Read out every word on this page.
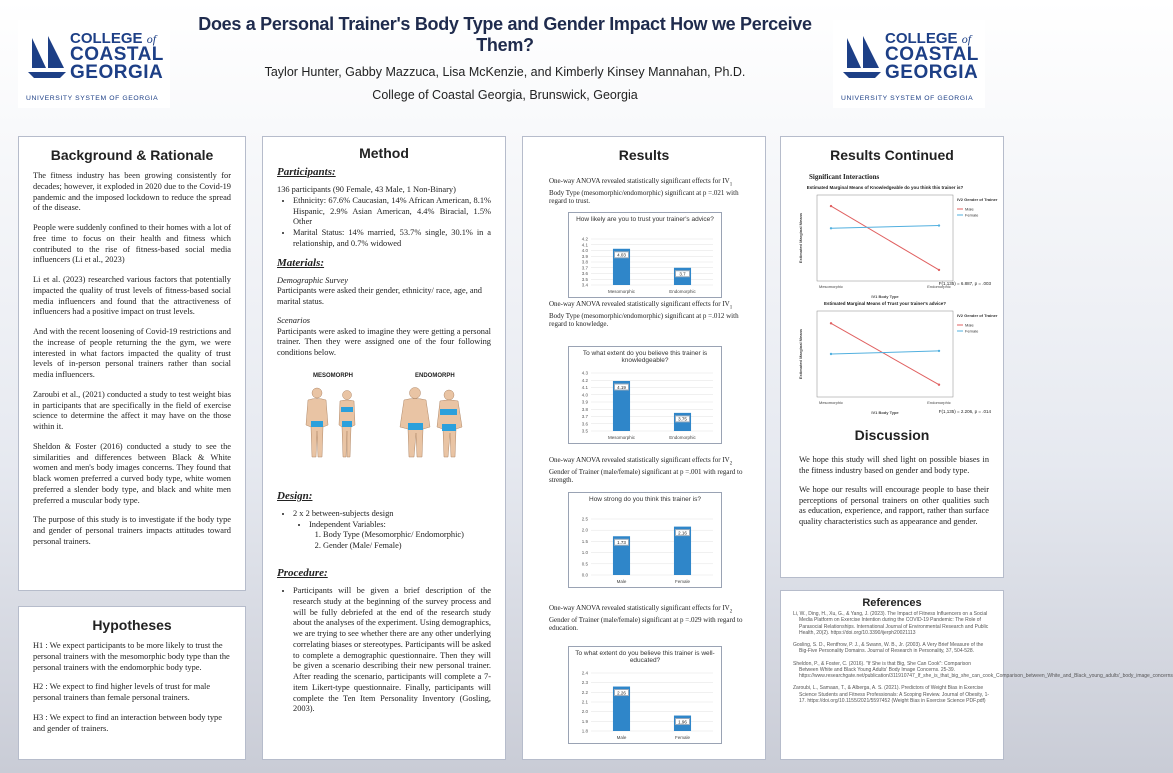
COLLEGE of
COASTAL
GEORGIA
UNIVERSITY SYSTEM OF GEORGIA
COLLEGE of
COASTAL
GEORGIA
UNIVERSITY SYSTEM OF GEORGIA
Does a Personal Trainer's Body Type and Gender Impact How we Perceive Them?
Taylor Hunter, Gabby Mazzuca, Lisa McKenzie, and Kimberly Kinsey Mannahan, Ph.D.
College of Coastal Georgia, Brunswick, Georgia
Background & Rationale

The fitness industry has been growing consistently for decades; however, it exploded in 2020 due to the Covid-19 pandemic and the imposed lockdown to reduce the spread of the disease.

People were suddenly confined to their homes with a lot of free time to focus on their health and fitness which contributed to the rise of fitness-based social media influencers (Li et al., 2023)

Li et al. (2023) researched various factors that potentially impacted the quality of trust levels of fitness-based social media influencers and found that the attractiveness of influencers had a positive impact on trust levels.

And with the recent loosening of Covid-19 restrictions and the increase of people returning the the gym, we were interested in what factors impacted the quality of trust levels of in-person personal trainers rather than social media influencers.

Zaroubi et al., (2021) conducted a study to test weight bias in participants that are specifically in the field of exercise science to determine the affect it may have on the those within it.

Sheldon & Foster (2016) conducted a study to see the similarities and differences between Black & White women and men's body images concerns. They found that black women preferred a curved body type, white women preferred a slender body type, and black and white men preferred a muscular body type.

The purpose of this study is to investigate if the body type and gender of personal trainers impacts attitudes toward personal trainers.

Hypotheses

H1 : We expect participants to be more likely to trust the personal trainers with the mesomorphic body type than the personal trainers with the endomorphic body type.

H2 : We expect to find higher levels of trust for male personal trainers than female personal trainers.

H3 : We expect to find an interaction between body type and gender of trainers.

Method
Participants:
136 participants (90 Female, 43 Male, 1 Non-Binary)
• Ethnicity: 67.6% Caucasian, 14% African American, 8.1% Hispanic, 2.9% Asian American, 4.4% Biracial, 1.5% Other
• Marital Status: 14% married, 53.7% single, 30.1% in a relationship, and 0.7% widowed
Materials:
Demographic Survey
Participants were asked their gender, ethnicity/ race, age, and marital status.
Scenarios
Participants were asked to imagine they were getting a personal trainer. Then they were assigned one of the four following conditions below.
MESOMORPH	ENDOMORPH
Design:
• 2 x 2 between-subjects design
• Independent Variables:
1. Body Type (Mesomorphic/ Endomorphic)
2. Gender (Male/ Female)
Procedure:
• Participants will be given a brief description of the research study at the beginning of the survey process and will be fully debriefed at the end of the research study about the analyses of the experiment. Using demographics, we are trying to see whether there are any other underlying correlating biases or stereotypes. Participants will be asked to complete a demographic questionnaire. Then they will be given a scenario describing their new personal trainer. After reading the scenario, participants will complete a 7- item Likert-type questionnaire. Finally, participants will complete the Ten Item Personality Inventory (Gosling, 2003).
Results
One-way ANOVA revealed statistically significant effects for $IV_1$ Body Type (mesomorphic/endomorphic) significant at p =.021 with regard to trust.
One-way ANOVA revealed statistically significant effects for $IV_1$ Body Type (mesomorphic/endomorphic) significant at p =.012 with regard to knowledge.
One-way ANOVA revealed statistically significant effects for $IV_2$ Gender of Trainer (male/female) significant at p =.001 with regard to strength.
One-way ANOVA revealed statistically significant effects for $IV_2$ Gender of Trainer (male/female) significant at p =.029 with regard to education.
How likely are you to trust your trainer's advice?
3.4
3.5
3.6
3.7
3.8
3.9
4.0
4.1
4.2
4.03
Mesomorphic
3.7
Endomorphic
To what extent do you believe this trainer is knowledgeable?
3.5
3.6
3.7
3.8
3.9
4.0
4.1
4.2
4.3
4.19
Mesomorphic
3.75
Endomorphic
How strong do you think this trainer is?
0.0
0.5
1.0
1.5
2.0
2.5
1.73
Male
2.16
Female
To what extent do you believe this trainer is well-educated?
1.8
1.9
2.0
2.1
2.2
2.3
2.4
2.26
Male
1.96
Female
Results Continued
Significant Interactions
Estimated Marginal Means of Knowledgeable do you think this trainer is?
Mesomorphic	Endomorphic
IV1 Body Type
Estimated Marginal Means
IV2 Gender of Trainer
Male
Female
F(1,135) = 6.887, p = .003
Estimated Marginal Means of Trust your trainer's advice?
Mesomorphic	Endomorphic
IV1 Body Type
Estimated Marginal Means
IV2 Gender of Trainer
Male
Female
F(1,135) = 2.206, p = .014
Discussion

We hope this study will shed light on possible biases in the fitness industry based on gender and body type.

We hope our results will encourage people to base their perceptions of personal trainers on other qualities such as education, experience, and rapport, rather than surface quality characteristics such as appearance and gender.

References

Li, W., Ding, H., Xu, G., & Yang, J. (2023). The Impact of Fitness Influencers on a Social Media Platform on Exercise Intention during the COVID-19 Pandemic: The Role of Parasocial Relationships. International Journal of Environmental Research and Public Health, 20(2). https://doi.org/10.3390/ijerph20021113

Gosling, S. D., Rentfrow, P. J., & Swann, W. B., Jr. (2003). A Very Brief Measure of the Big-Five Personality Domains. Journal of Research in Personality, 37, 504-528.

Sheldon, P., & Foster, C. (2016). "If She is that Big, She Can Cook": Comparison Between White and Black Young Adults' Body Image Concerns. 25-39. https://www.researchgate.net/publication/311910747_If_she_is_that_big_she_can_cook_Comparison_between_White_and_Black_young_adults'_body_image_concerns

Zaroubi, L., Samaan, T., & Alberga, A. S. (2021). Predictors of Weight Bias in Exercise Science Students and Fitness Professionals: A Scoping Review. Journal of Obesity, 1-17. https://doi.org/10.1155/2021/5597452 (Weight Bias in Exercise Science PDF.pdf)
